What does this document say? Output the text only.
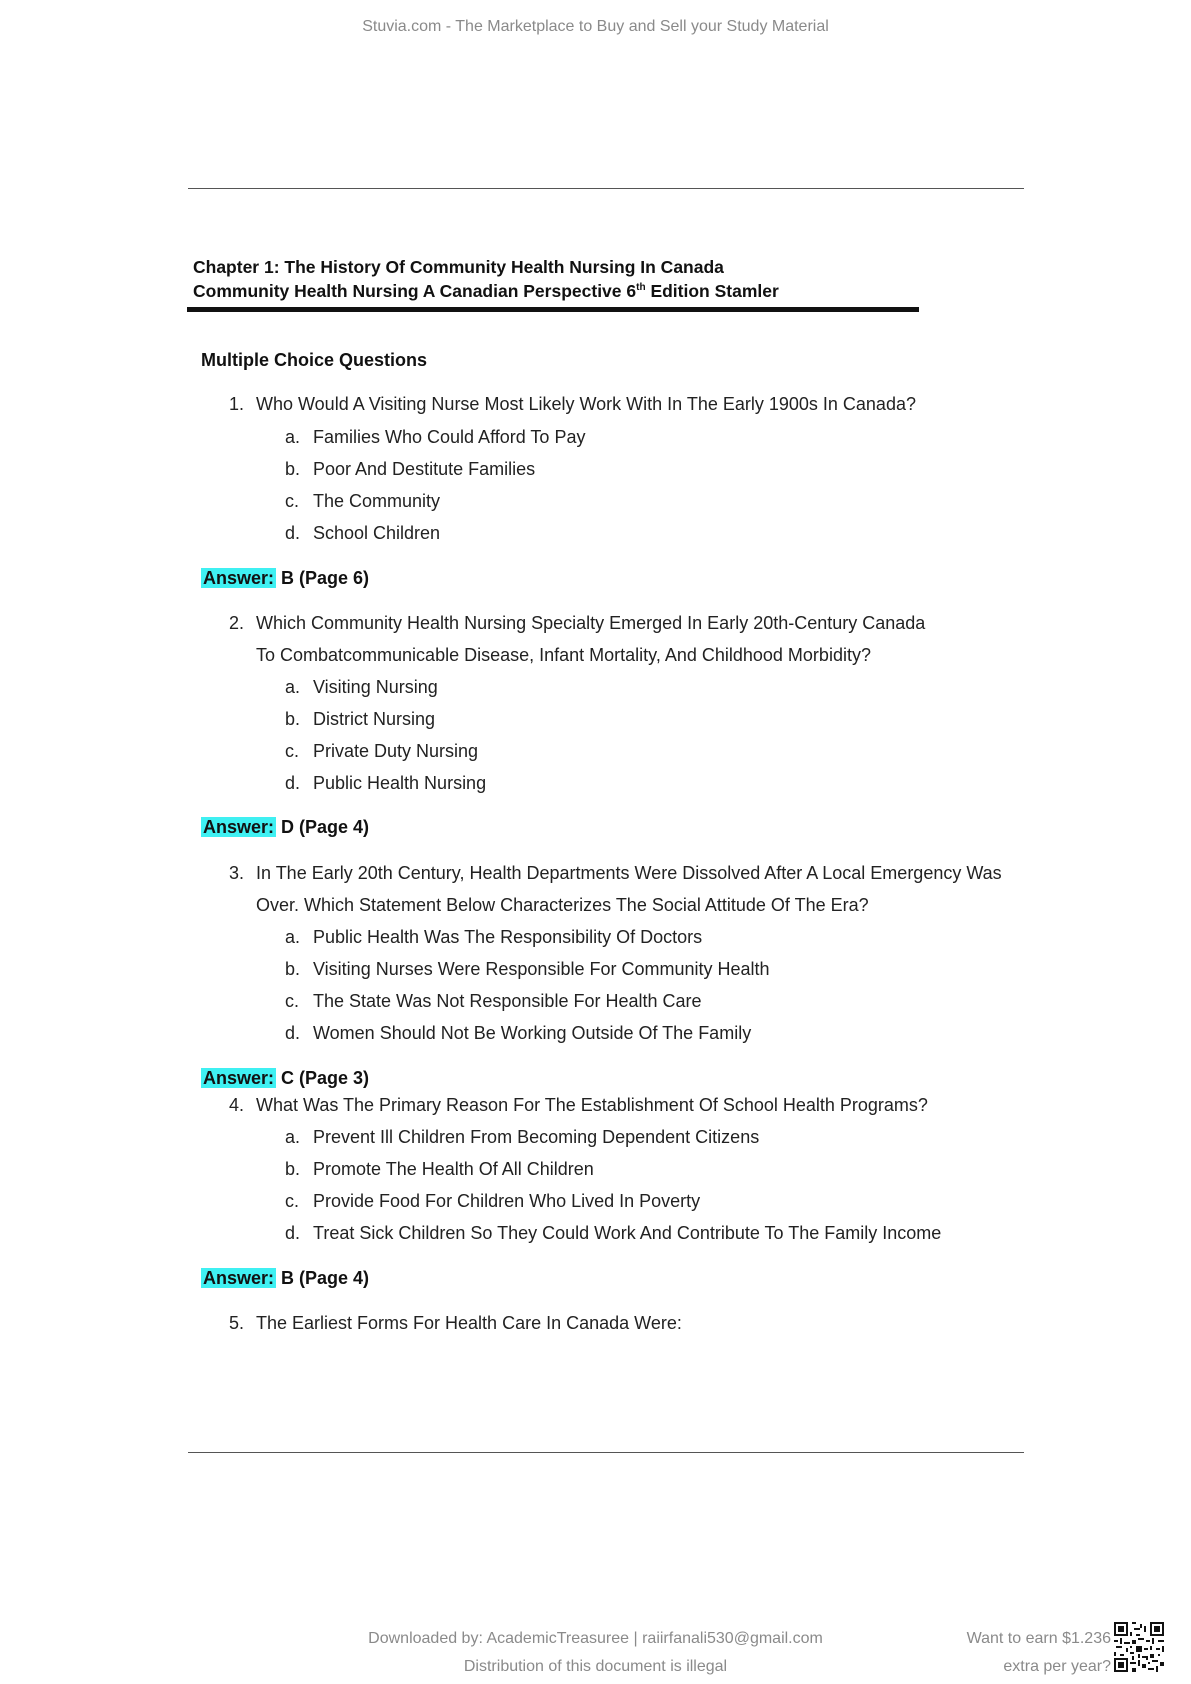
Stuvia.com - The Marketplace to Buy and Sell your Study Material
Chapter 1: The History Of Community Health Nursing In Canada
Community Health Nursing A Canadian Perspective 6th Edition Stamler
Multiple Choice Questions
1. Who Would A Visiting Nurse Most Likely Work With In The Early 1900s In Canada?
a. Families Who Could Afford To Pay
b. Poor And Destitute Families
c. The Community
d. School Children
Answer: B (Page 6)
2. Which Community Health Nursing Specialty Emerged In Early 20th-Century Canada
To Combatcommunicable Disease, Infant Mortality, And Childhood Morbidity?
a. Visiting Nursing
b. District Nursing
c. Private Duty Nursing
d. Public Health Nursing
Answer: D (Page 4)
3. In The Early 20th Century, Health Departments Were Dissolved After A Local Emergency Was
Over. Which Statement Below Characterizes The Social Attitude Of The Era?
a. Public Health Was The Responsibility Of Doctors
b. Visiting Nurses Were Responsible For Community Health
c. The State Was Not Responsible For Health Care
d. Women Should Not Be Working Outside Of The Family
Answer: C (Page 3)
4. What Was The Primary Reason For The Establishment Of School Health Programs?
a. Prevent Ill Children From Becoming Dependent Citizens
b. Promote The Health Of All Children
c. Provide Food For Children Who Lived In Poverty
d. Treat Sick Children So They Could Work And Contribute To The Family Income
Answer: B (Page 4)
5. The Earliest Forms For Health Care In Canada Were:
Downloaded by: AcademicTreasuree | raiirfanali530@gmail.com
Distribution of this document is illegal
Want to earn $1.236
extra per year?
